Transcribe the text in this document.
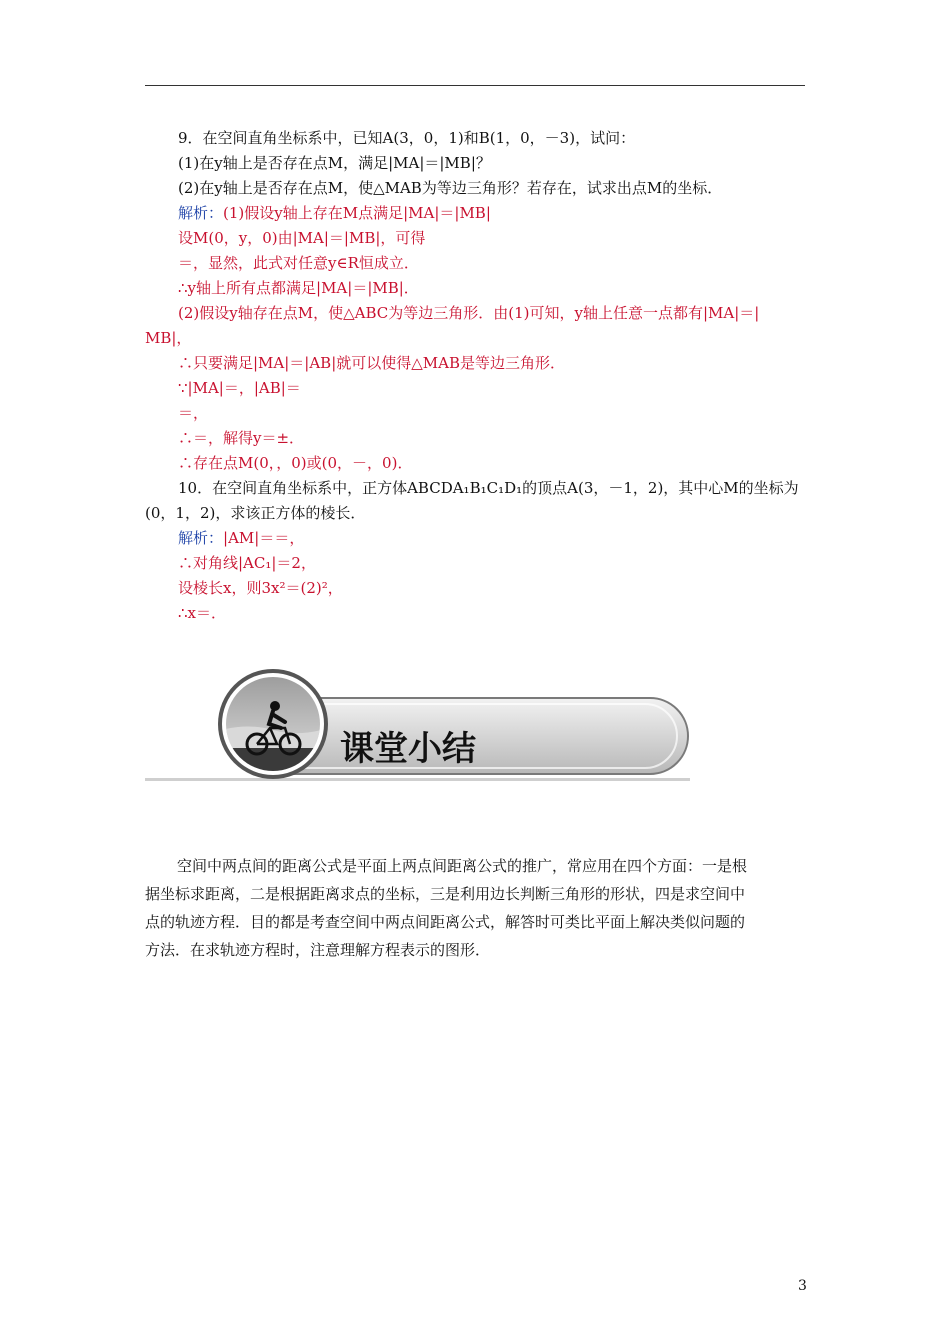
9．在空间直角坐标系中，已知A(3，0，1)和B(1，0，－3)，试问：
(1)在y轴上是否存在点M，满足|MA|＝|MB|？
(2)在y轴上是否存在点M，使△MAB为等边三角形？若存在，试求出点M的坐标．
解析：(1)假设y轴上存在M点满足|MA|＝|MB|
设M(0，y，0)由|MA|＝|MB|，可得
＝，显然，此式对任意y∈R恒成立．
∴y轴上所有点都满足|MA|＝|MB|．
(2)假设y轴存在点M，使△ABC为等边三角形．由(1)可知，y轴上任意一点都有|MA|＝|
MB|，
∴只要满足|MA|＝|AB|就可以使得△MAB是等边三角形．
∵|MA|＝，|AB|＝
＝，
∴＝，解得y＝±．
∴存在点M(0，，0)或(0，－，0)．
10．在空间直角坐标系中，正方体ABCDA₁B₁C₁D₁的顶点A(3，－1，2)，其中心M的坐标为
(0，1，2)，求该正方体的棱长．
解析：|AM|＝＝，
∴对角线|AC₁|＝2，
设棱长x，则3x²＝(2)²，
∴x＝．
课堂小结
空间中两点间的距离公式是平面上两点间距离公式的推广，常应用在四个方面：一是根
据坐标求距离，二是根据距离求点的坐标，三是利用边长判断三角形的形状，四是求空间中
点的轨迹方程．目的都是考查空间中两点间距离公式，解答时可类比平面上解决类似问题的
方法．在求轨迹方程时，注意理解方程表示的图形．
3
